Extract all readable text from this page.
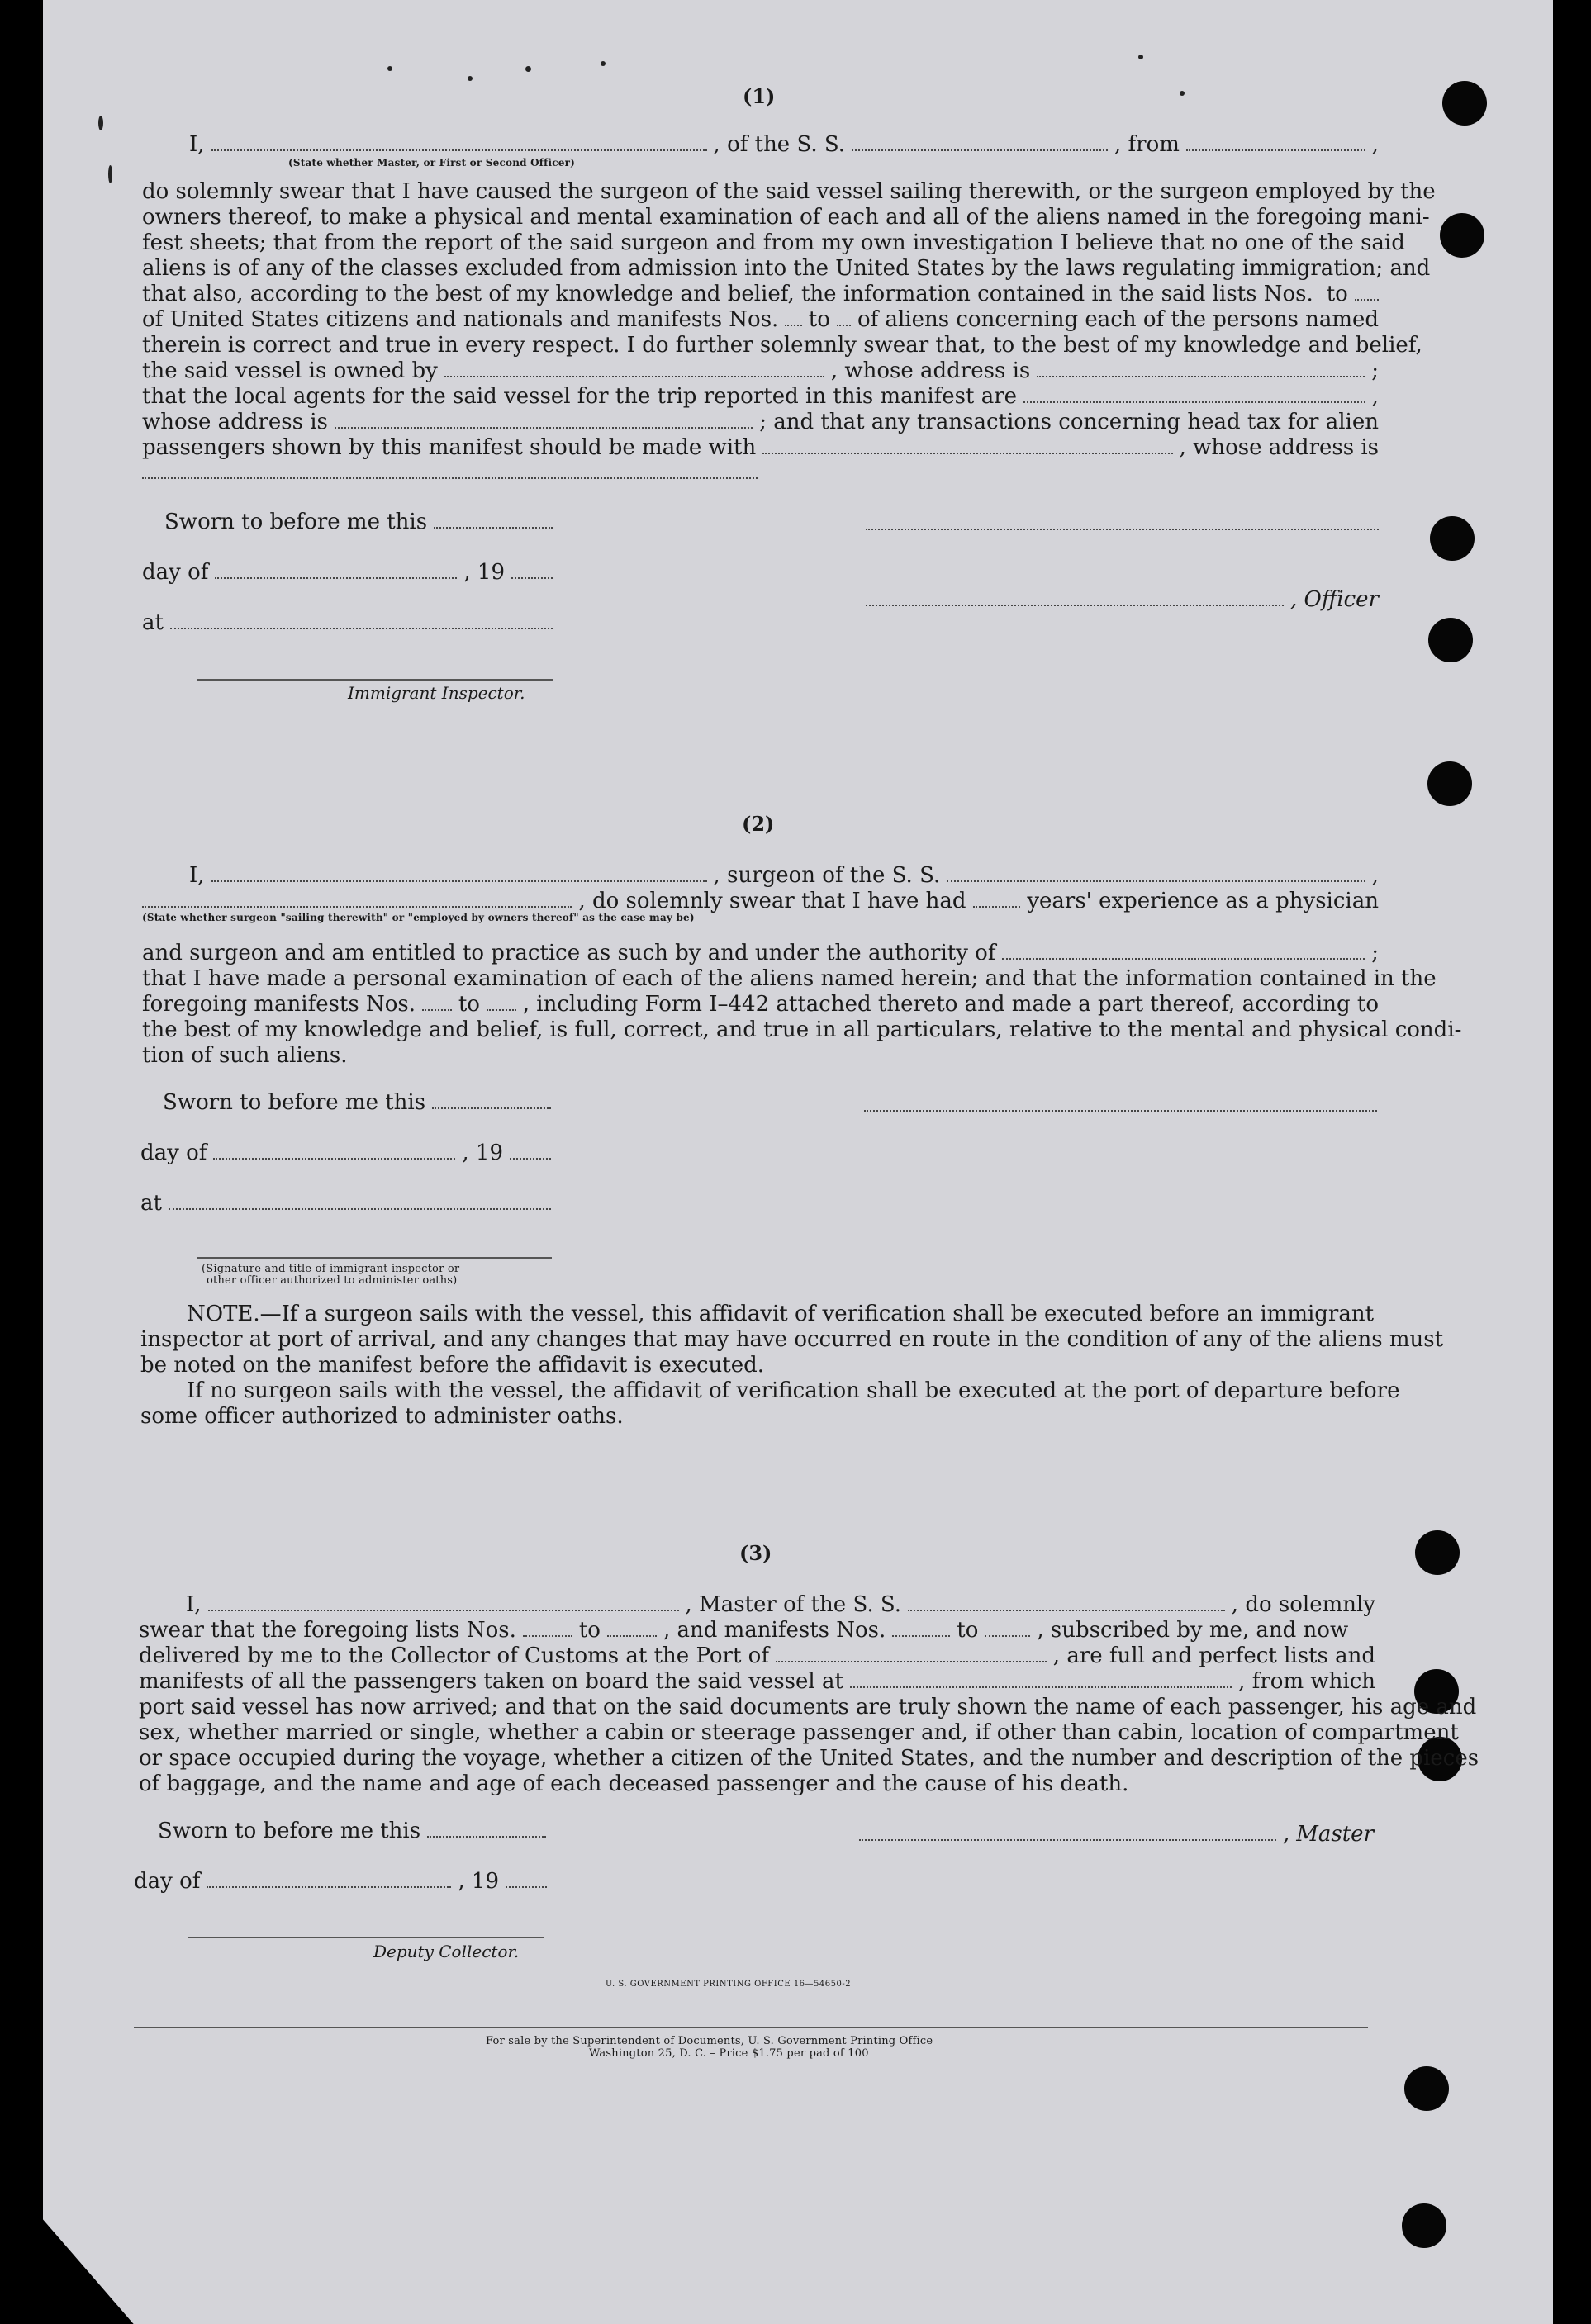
(1)
I,	, of the S. S.	, from	,
(State whether Master, or First or Second Officer)
do solemnly swear that I have caused the surgeon of the said vessel sailing therewith, or the surgeon employed by the
owners thereof, to make a physical and mental examination of each and all of the aliens named in the foregoing mani-
fest sheets; that from the report of the said surgeon and from my own investigation I believe that no one of the said
aliens is of any of the classes excluded from admission into the United States by the laws regulating immigration; and
that also, according to the best of my knowledge and belief, the information contained in the said lists Nos. to
of United States citizens and nationals and manifests Nos. to of aliens concerning each of the persons named
therein is correct and true in every respect. I do further solemnly swear that, to the best of my knowledge and belief,
the said vessel is owned by	, whose address is	;
that the local agents for the said vessel for the trip reported in this manifest are	,
whose address is	; and that any transactions concerning head tax for alien
passengers shown by this manifest should be made with	, whose address is
Sworn to before me this
day of	, 19
at
Immigrant Inspector.
, Officer
(2)
I,	, surgeon of the S. S.	,
, do solemnly swear that I have had	years' experience as a physician
(State whether surgeon "sailing therewith" or "employed by owners thereof" as the case may be)
and surgeon and am entitled to practice as such by and under the authority of	;
that I have made a personal examination of each of the aliens named herein; and that the information contained in the
foregoing manifests Nos. to , including Form I–442 attached thereto and made a part thereof, according to
the best of my knowledge and belief, is full, correct, and true in all particulars, relative to the mental and physical condi-
tion of such aliens.
Sworn to before me this
day of	, 19
at
(Signature and title of immigrant inspector or
other officer authorized to administer oaths)
NOTE.—If a surgeon sails with the vessel, this affidavit of verification shall be executed before an immigrant
inspector at port of arrival, and any changes that may have occurred en route in the condition of any of the aliens must
be noted on the manifest before the affidavit is executed.
If no surgeon sails with the vessel, the affidavit of verification shall be executed at the port of departure before
some officer authorized to administer oaths.
(3)
I,	, Master of the S. S.	, do solemnly
swear that the foregoing lists Nos.	to	, and manifests Nos.	to	, subscribed by me, and now
delivered by me to the Collector of Customs at the Port of	, are full and perfect lists and
manifests of all the passengers taken on board the said vessel at	, from which
port said vessel has now arrived; and that on the said documents are truly shown the name of each passenger, his age and
sex, whether married or single, whether a cabin or steerage passenger and, if other than cabin, location of compartment
or space occupied during the voyage, whether a citizen of the United States, and the number and description of the pieces
of baggage, and the name and age of each deceased passenger and the cause of his death.
Sworn to before me this	, Master
day of	, 19
Deputy Collector.
U. S. GOVERNMENT PRINTING OFFICE 16—54650-2
For sale by the Superintendent of Documents, U. S. Government Printing Office
Washington 25, D. C. – Price $1.75 per pad of 100
